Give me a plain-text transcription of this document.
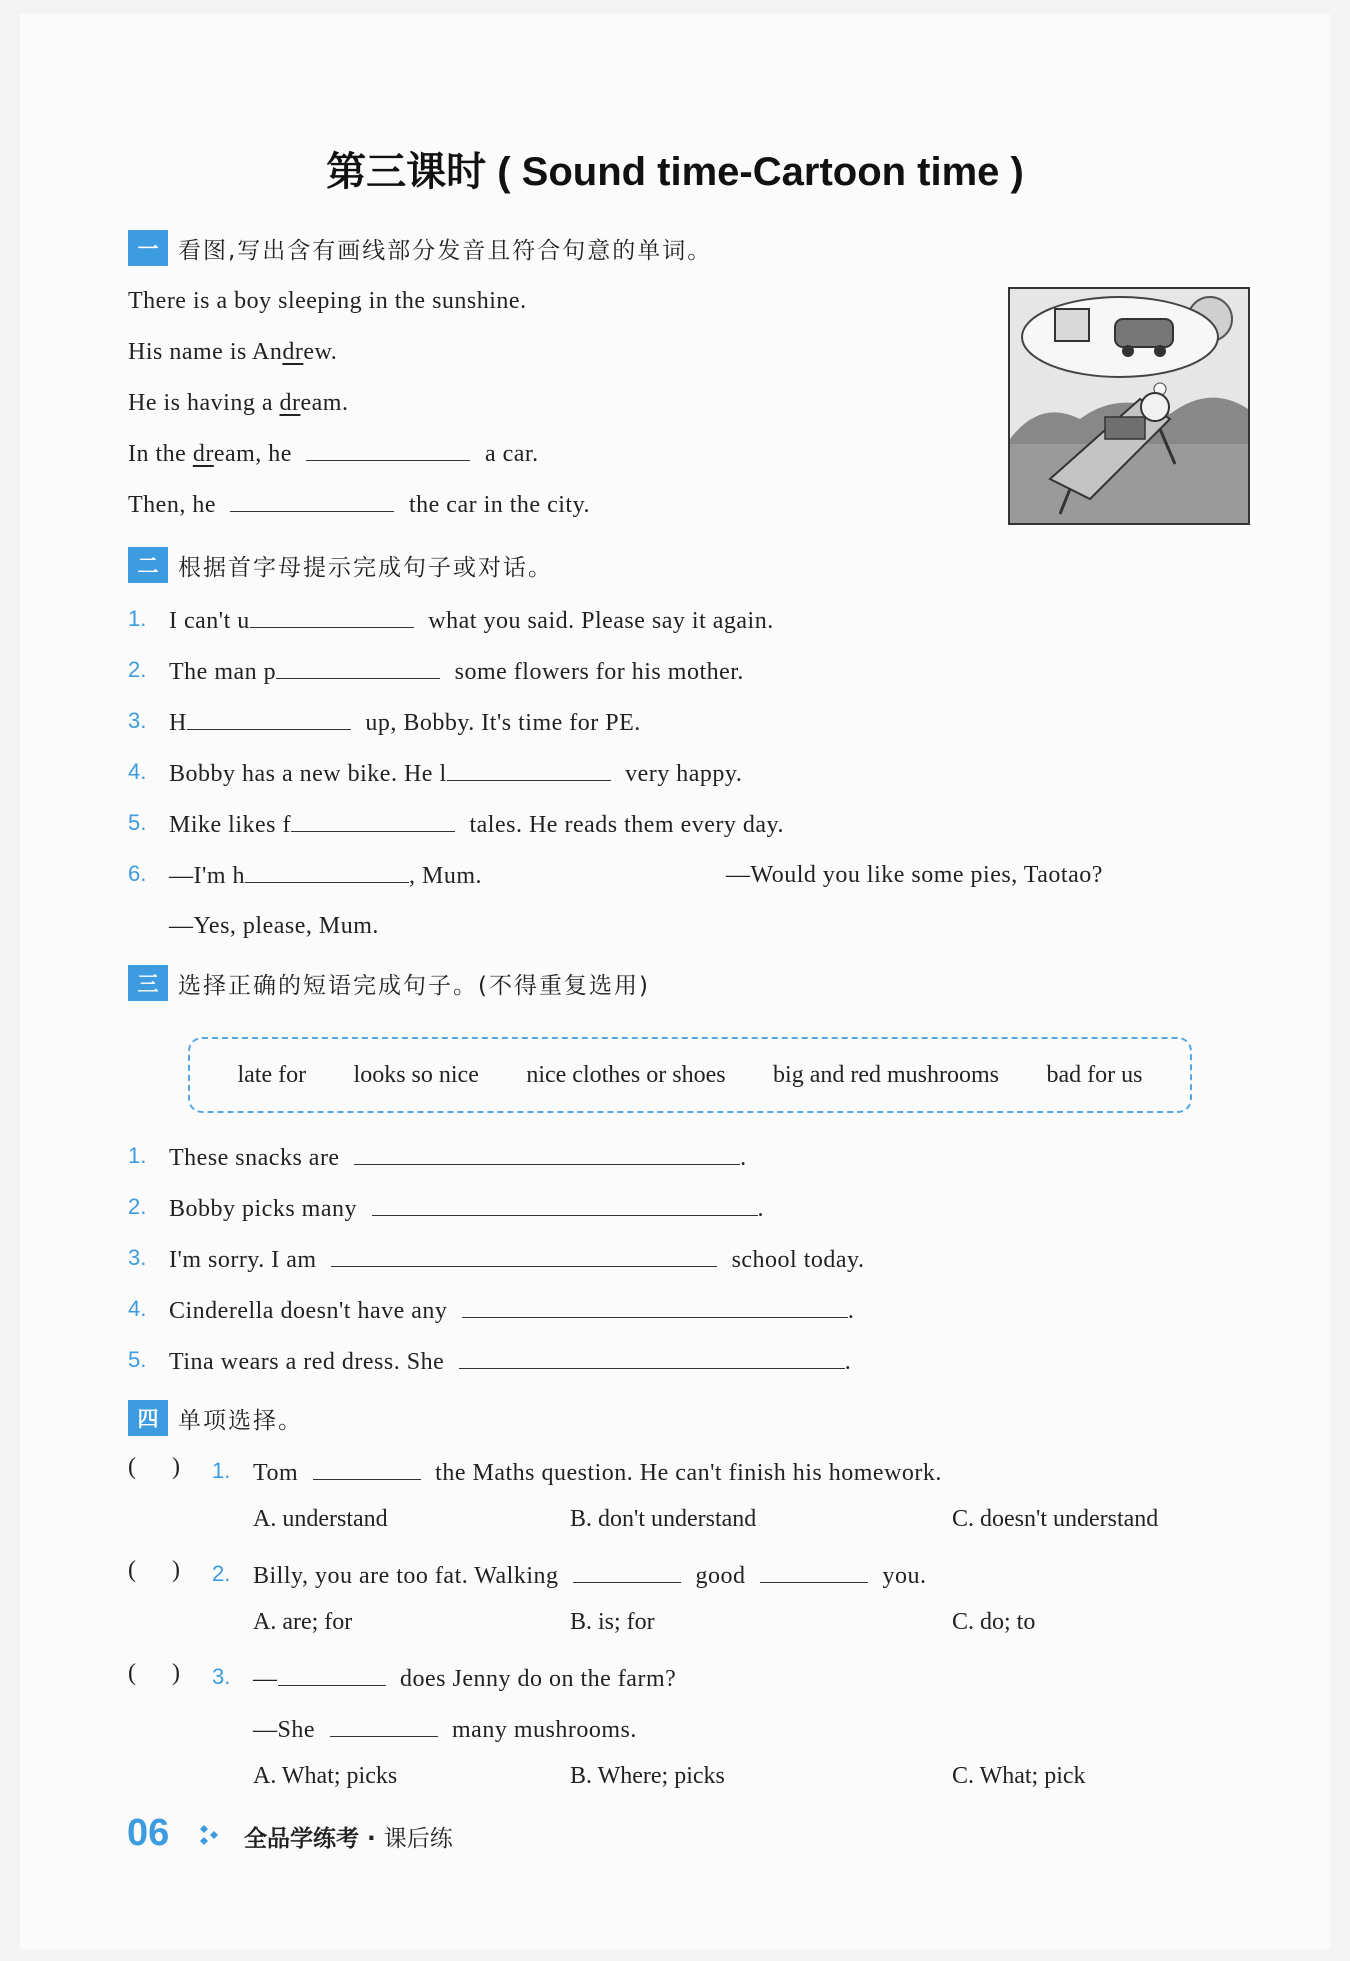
第三课时 ( Sound time-Cartoon time )
一 看图,写出含有画线部分发音且符合句意的单词。
There is a boy sleeping in the sunshine.
His name is Andrew.
He is having a dream.
In the dream, he	a car.
Then, he	the car in the city.
二 根据首字母提示完成句子或对话。
1. I can't u	what you said. Please say it again.
2. The man p	some flowers for his mother.
3. H	up, Bobby. It's time for PE.
4. Bobby has a new bike. He l	very happy.
5. Mike likes f	tales. He reads them every day.
6. —I'm h	, Mum.	—Would you like some pies, Taotao?
—Yes, please, Mum.
三 选择正确的短语完成句子。(不得重复选用)
late for looks so nice nice clothes or shoes big and red mushrooms bad for us
1. These snacks are	.
2. Bobby picks many	.
3. I'm sorry. I am	school today.
4. Cinderella doesn't have any	.
5. Tina wears a red dress. She	.
四 单项选择。
(      ) 1. Tom	the Maths question. He can't finish his homework.
A. understand	B. don't understand	C. doesn't understand
(      ) 2. Billy, you are too fat. Walking	good	you.
A. are; for	B. is; for	C. do; to
(      ) 3. —	does Jenny do on the farm?
—She	many mushrooms.
A. What; picks	B. Where; picks	C. What; pick
06	全品学练考 · 课后练
